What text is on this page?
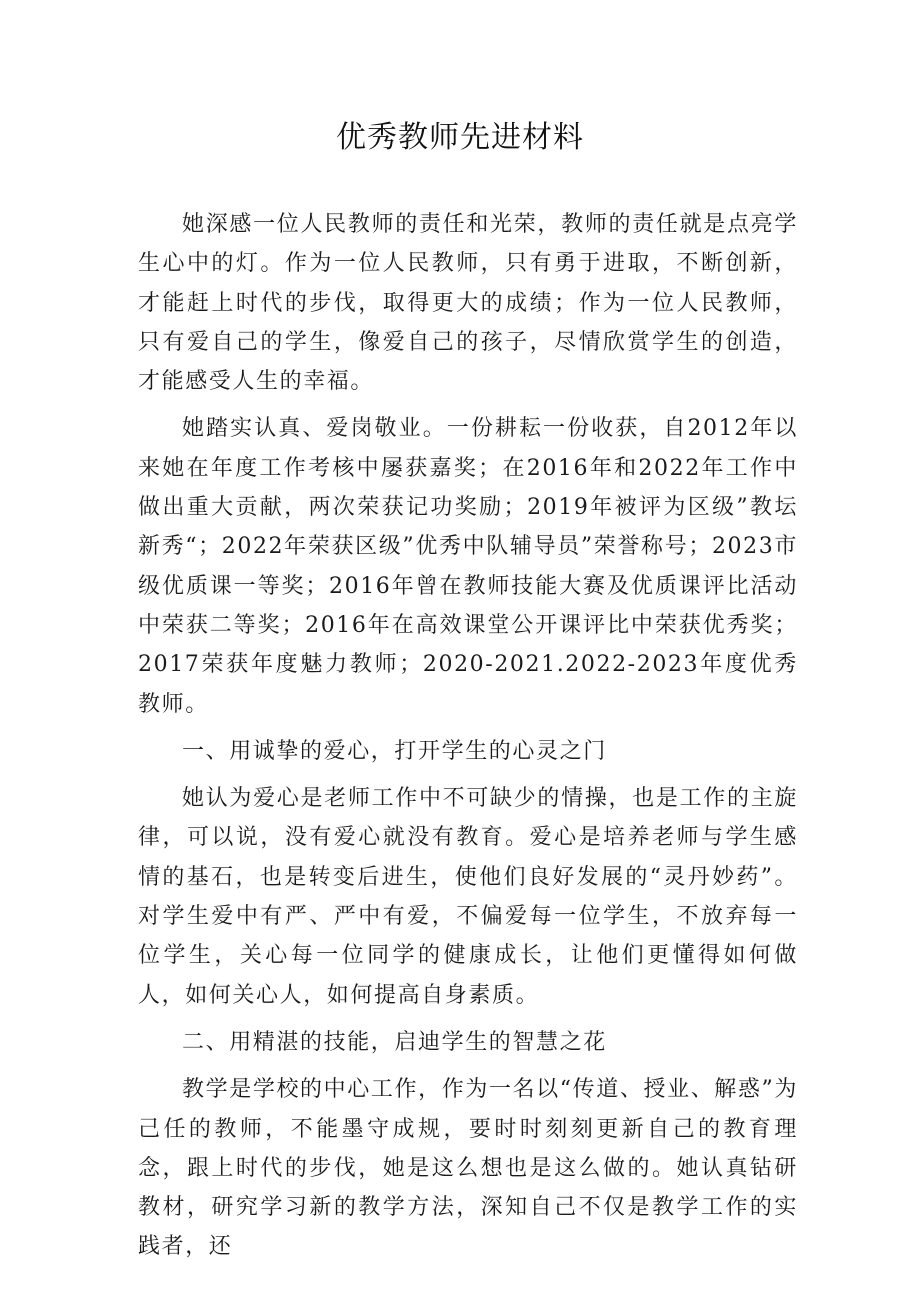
优秀教师先进材料

她深感一位人民教师的责任和光荣，教师的责任就是点亮学生心中的灯。作为一位人民教师，只有勇于进取，不断创新，才能赶上时代的步伐，取得更大的成绩；作为一位人民教师，只有爱自己的学生，像爱自己的孩子，尽情欣赏学生的创造，才能感受人生的幸福。

她踏实认真、爱岗敬业。一份耕耘一份收获，自2012年以来她在年度工作考核中屡获嘉奖；在2016年和2022年工作中做出重大贡献，两次荣获记功奖励；2019年被评为区级”教坛新秀“；2022年荣获区级”优秀中队辅导员”荣誉称号；2023市级优质课一等奖；2016年曾在教师技能大赛及优质课评比活动中荣获二等奖；2016年在高效课堂公开课评比中荣获优秀奖；2017荣获年度魅力教师；2020-2021.2022-2023年度优秀教师。

一、用诚挚的爱心，打开学生的心灵之门

她认为爱心是老师工作中不可缺少的情操，也是工作的主旋律，可以说，没有爱心就没有教育。爱心是培养老师与学生感情的基石，也是转变后进生，使他们良好发展的“灵丹妙药”。对学生爱中有严、严中有爱，不偏爱每一位学生，不放弃每一位学生，关心每一位同学的健康成长，让他们更懂得如何做人，如何关心人，如何提高自身素质。

二、用精湛的技能，启迪学生的智慧之花

教学是学校的中心工作，作为一名以“传道、授业、解惑”为己任的教师，不能墨守成规，要时时刻刻更新自己的教育理念，跟上时代的步伐，她是这么想也是这么做的。她认真钻研教材，研究学习新的教学方法，深知自己不仅是教学工作的实践者，还
